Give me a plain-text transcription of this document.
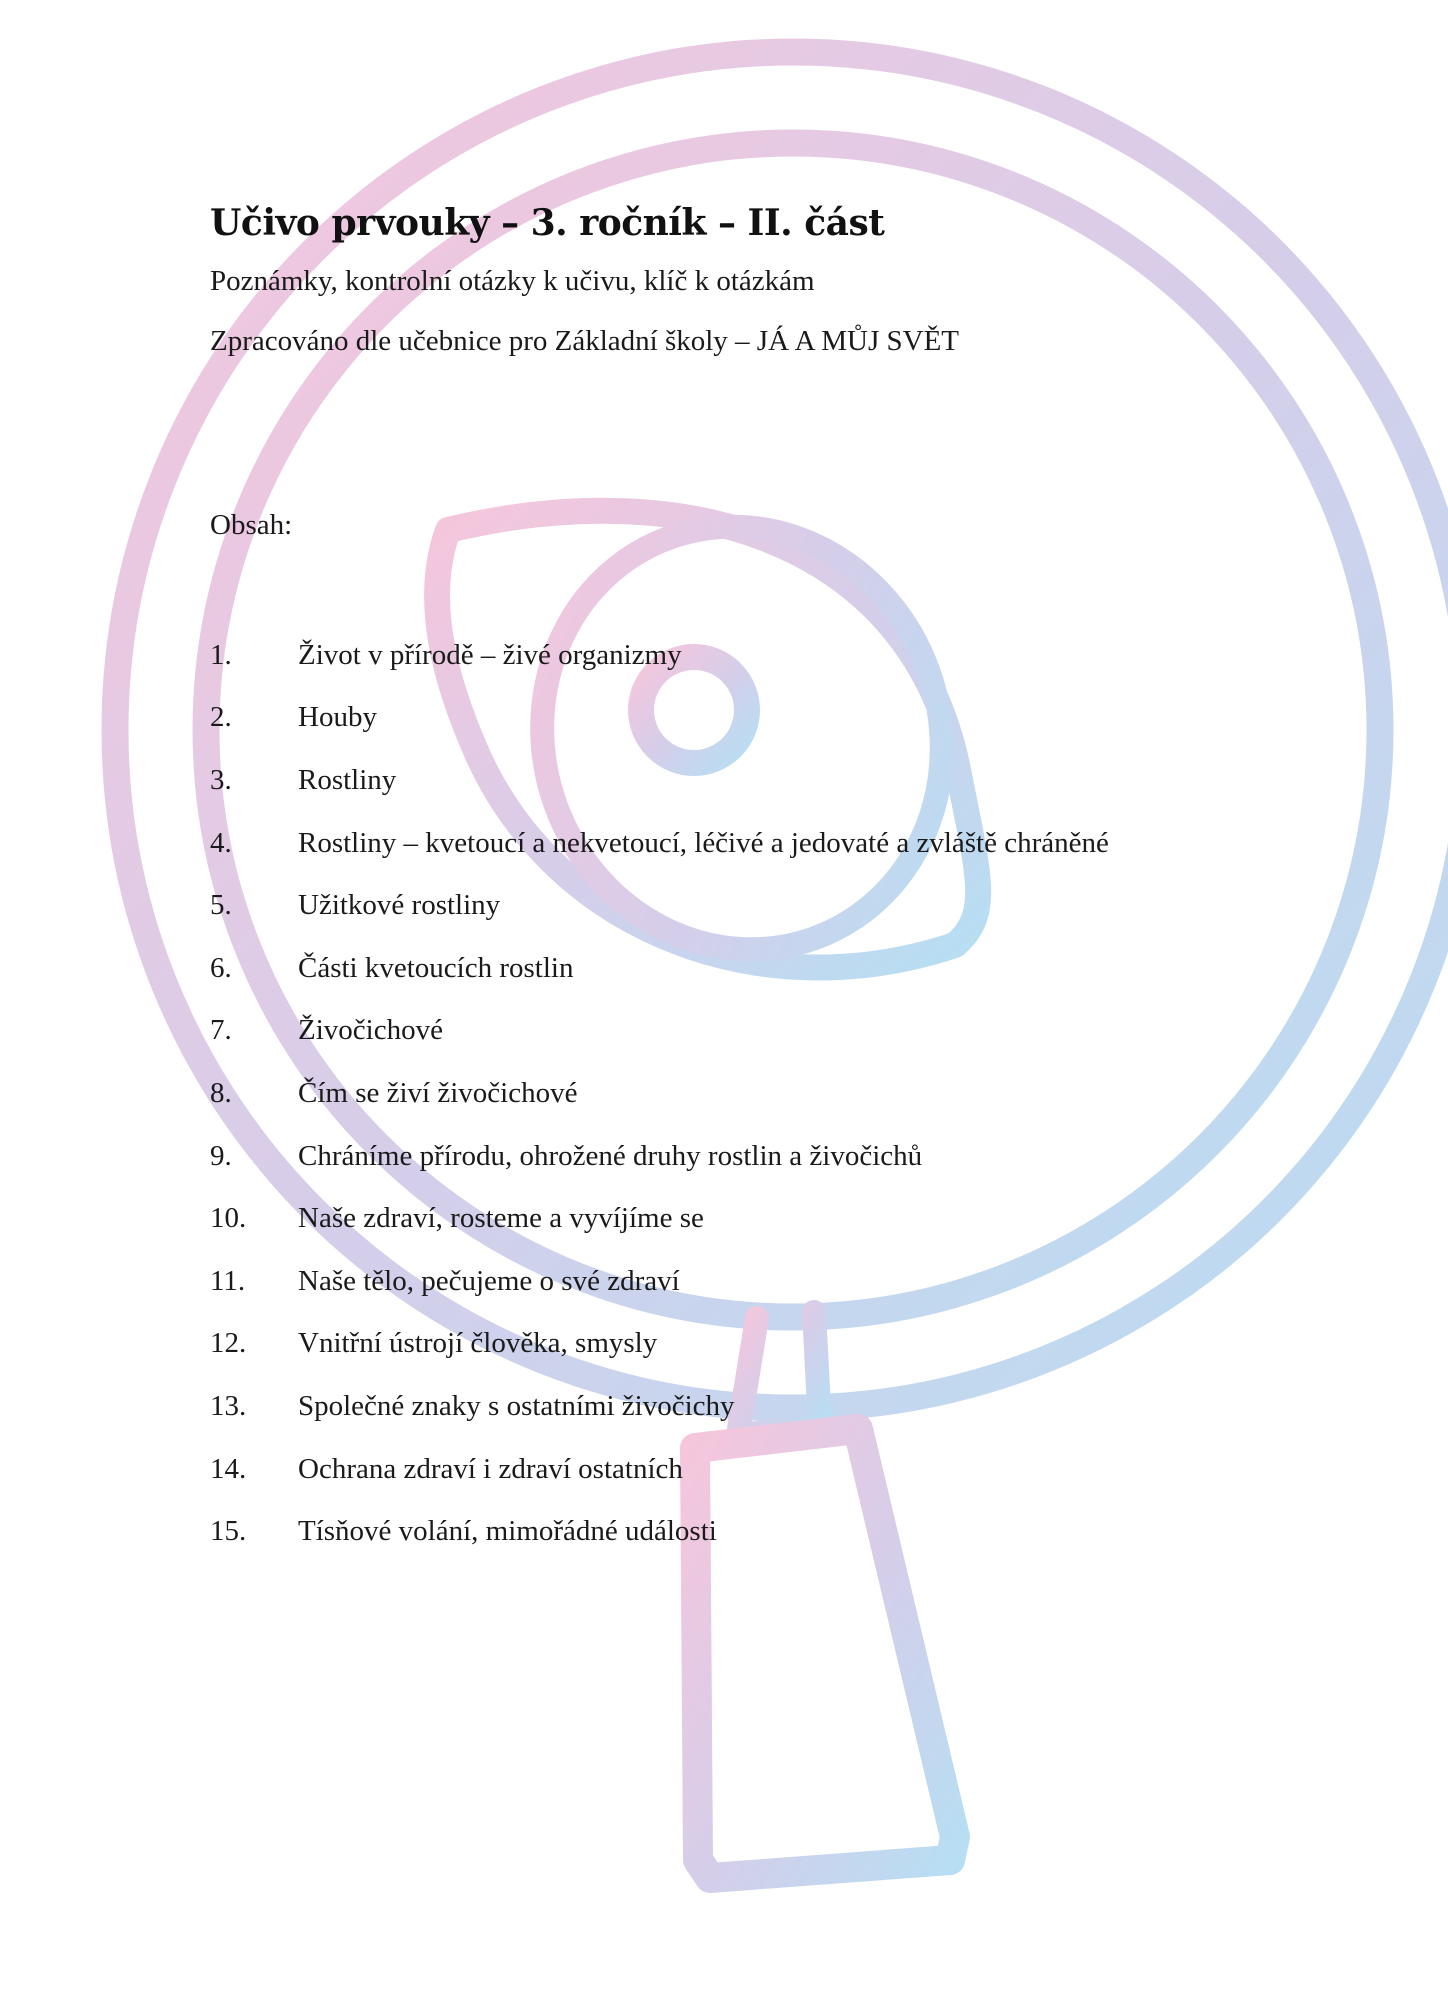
Učivo prvouky – 3. ročník – II. část

Poznámky, kontrolní otázky k učivu, klíč k otázkám

Zpracováno dle učebnice pro Základní školy – JÁ A MŮJ SVĚT

Obsah:

1.	Život v přírodě – živé organizmy
2.	Houby
3.	Rostliny
4.	Rostliny – kvetoucí a nekvetoucí, léčivé a jedovaté a zvláště chráněné
5.	Užitkové rostliny
6.	Části kvetoucích rostlin
7.	Živočichové
8.	Čím se živí živočichové
9.	Chráníme přírodu, ohrožené druhy rostlin a živočichů
10.	Naše zdraví, rosteme a vyvíjíme se
11.	Naše tělo, pečujeme o své zdraví
12.	Vnitřní ústrojí člověka, smysly
13.	Společné znaky s ostatními živočichy
14.	Ochrana zdraví i zdraví ostatních
15.	Tísňové volání, mimořádné události
